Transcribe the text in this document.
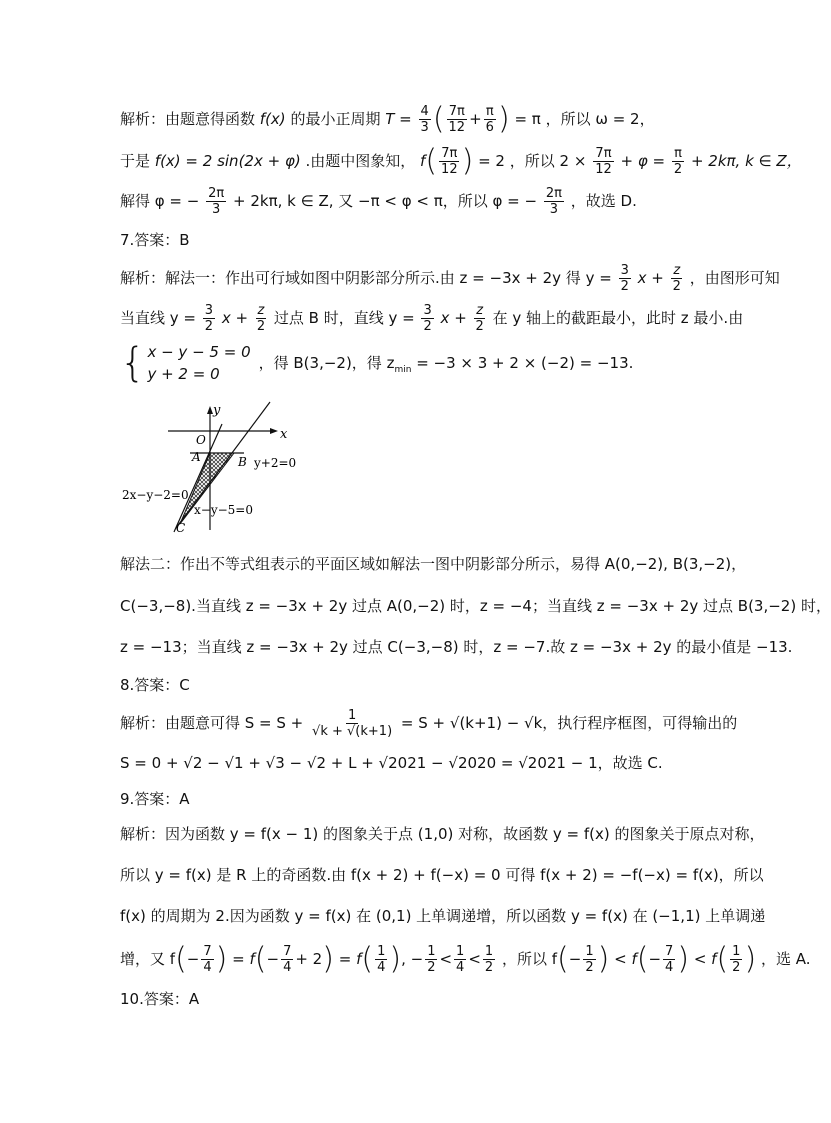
解析：由题意得函数 f(x) 的最小正周期 $T = \frac{4}{3}$ ( $\frac{7\pi}{12} + \frac{\pi}{6}$ ) = π ，所以 ω = 2，
于是 f(x) = 2 sin(2x + φ) .由题中图象知， $f( \frac{7\pi}{12}$ ) = 2 ，所以 $2 \times \frac{7\pi}{12} + \varphi = \frac{\pi}{2} + 2k\pi$, k ∈ Z，
解得 φ = − $\frac{2\pi}{3} + 2k\pi$, k ∈ Z, 又 −π < φ < π，所以 φ = − $\frac{2\pi}{3}$ ，故选 D.
7.答案：B
解析：解法一：作出可行域如图中阴影部分所示.由 z = −3x + 2y 得 $y = \frac{3}{2}$ $x + \frac{z}{2}$ ，由图形可知
当直线 $y = \frac{3}{2}$ $x + \frac{z}{2}$ 过点 B 时，直线 $y = \frac{3}{2}$ $x + \frac{z}{2}$ 在 y 轴上的截距最小，此时 z 最小.由
{ x − y − 5 = 0
y + 2 = 0
，得 B(3,−2)，得 $z_{min} = -3 \times 3 + 2 \times (-2) = -13$.
y
x
O
A	B
C
y+2=0
2x−y−2=0
x−y−5=0
解法二：作出不等式组表示的平面区域如解法一图中阴影部分所示，易得 A(0,−2), B(3,−2)，
C(−3,−8).当直线 z = −3x + 2y 过点 A(0,−2) 时，z = −4；当直线 z = −3x + 2y 过点 B(3,−2) 时，
z = −13；当直线 z = −3x + 2y 过点 C(−3,−8) 时，z = −7.故 z = −3x + 2y 的最小值是 −13.
8.答案：C
解析：由题意可得 $S = S + \frac{1}{√k + √(k+1)} = S + √(k+1) - √k$，执行程序框图，可得输出的
S = 0 + √2 − √1 + √3 − √2 + L + √2021 − √2020 = √2021 − 1，故选 C.
9.答案：A
解析：因为函数 y = f(x − 1) 的图象关于点 (1,0) 对称，故函数 y = f(x) 的图象关于原点对称，
所以 y = f(x) 是 R 上的奇函数.由 f(x + 2) + f(−x) = 0 可得 f(x + 2) = −f(−x) = f(x)，所以
f(x) 的周期为 2.因为函数 y = f(x) 在 (0,1) 上单调递增，所以函数 y = f(x) 在 (−1,1) 上单调递
增，又 $f(- \frac{7}{4}$ ) = $f(- \frac{7}{4} + 2) = f( \frac{1}{4}$ ), − $\frac{1}{2} < \frac{1}{4} < \frac{1}{2}$ ，所以 $f(- \frac{1}{2}$ ) < $f(- \frac{7}{4}$ ) < $f( \frac{1}{2}$ ) ，选 A.
10.答案：A
